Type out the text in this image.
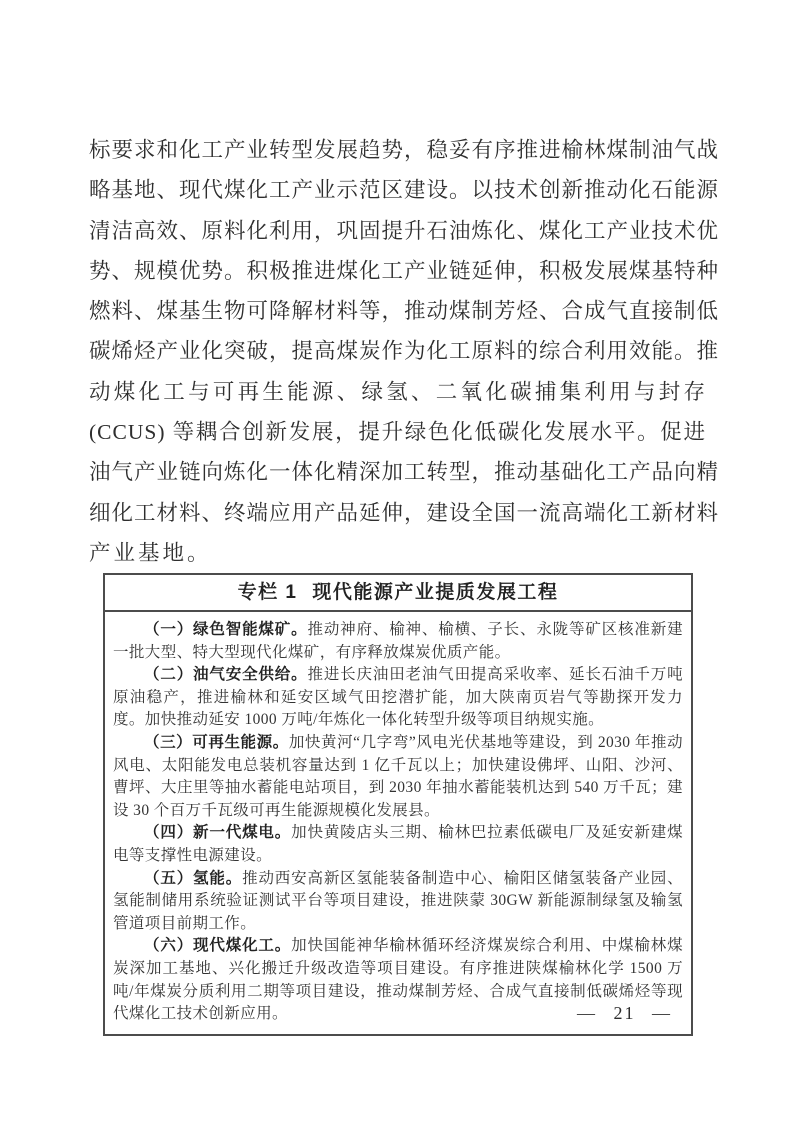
标要求和化工产业转型发展趋势，稳妥有序推进榆林煤制油气战
略基地、现代煤化工产业示范区建设。以技术创新推动化石能源
清洁高效、原料化利用，巩固提升石油炼化、煤化工产业技术优
势、规模优势。积极推进煤化工产业链延伸，积极发展煤基特种
燃料、煤基生物可降解材料等，推动煤制芳烃、合成气直接制低
碳烯烃产业化突破，提高煤炭作为化工原料的综合利用效能。推
动煤化工与可再生能源、绿氢、二氧化碳捕集利用与封存
(CCUS) 等耦合创新发展，提升绿色化低碳化发展水平。促进
油气产业链向炼化一体化精深加工转型，推动基础化工产品向精
细化工材料、终端应用产品延伸，建设全国一流高端化工新材料
产业基地。
专栏 1 现代能源产业提质发展工程

（一）绿色智能煤矿。推动神府、榆神、榆横、子长、永陇等矿区核准新建一批大型、特大型现代化煤矿，有序释放煤炭优质产能。

（二）油气安全供给。推进长庆油田老油气田提高采收率、延长石油千万吨原油稳产，推进榆林和延安区域气田挖潜扩能，加大陕南页岩气等勘探开发力度。加快推动延安 1000 万吨/年炼化一体化转型升级等项目纳规实施。

（三）可再生能源。加快黄河“几字弯”风电光伏基地等建设，到 2030 年推动风电、太阳能发电总装机容量达到 1 亿千瓦以上；加快建设佛坪、山阳、沙河、曹坪、大庄里等抽水蓄能电站项目，到 2030 年抽水蓄能装机达到 540 万千瓦；建设 30 个百万千瓦级可再生能源规模化发展县。

（四）新一代煤电。加快黄陵店头三期、榆林巴拉素低碳电厂及延安新建煤电等支撑性电源建设。

（五）氢能。推动西安高新区氢能装备制造中心、榆阳区储氢装备产业园、氢能制储用系统验证测试平台等项目建设，推进陕蒙 30GW 新能源制绿氢及输氢管道项目前期工作。

（六）现代煤化工。加快国能神华榆林循环经济煤炭综合利用、中煤榆林煤炭深加工基地、兴化搬迁升级改造等项目建设。有序推进陕煤榆林化学 1500 万吨/年煤炭分质利用二期等项目建设，推动煤制芳烃、合成气直接制低碳烯烃等现代煤化工技术创新应用。	— 21 —
